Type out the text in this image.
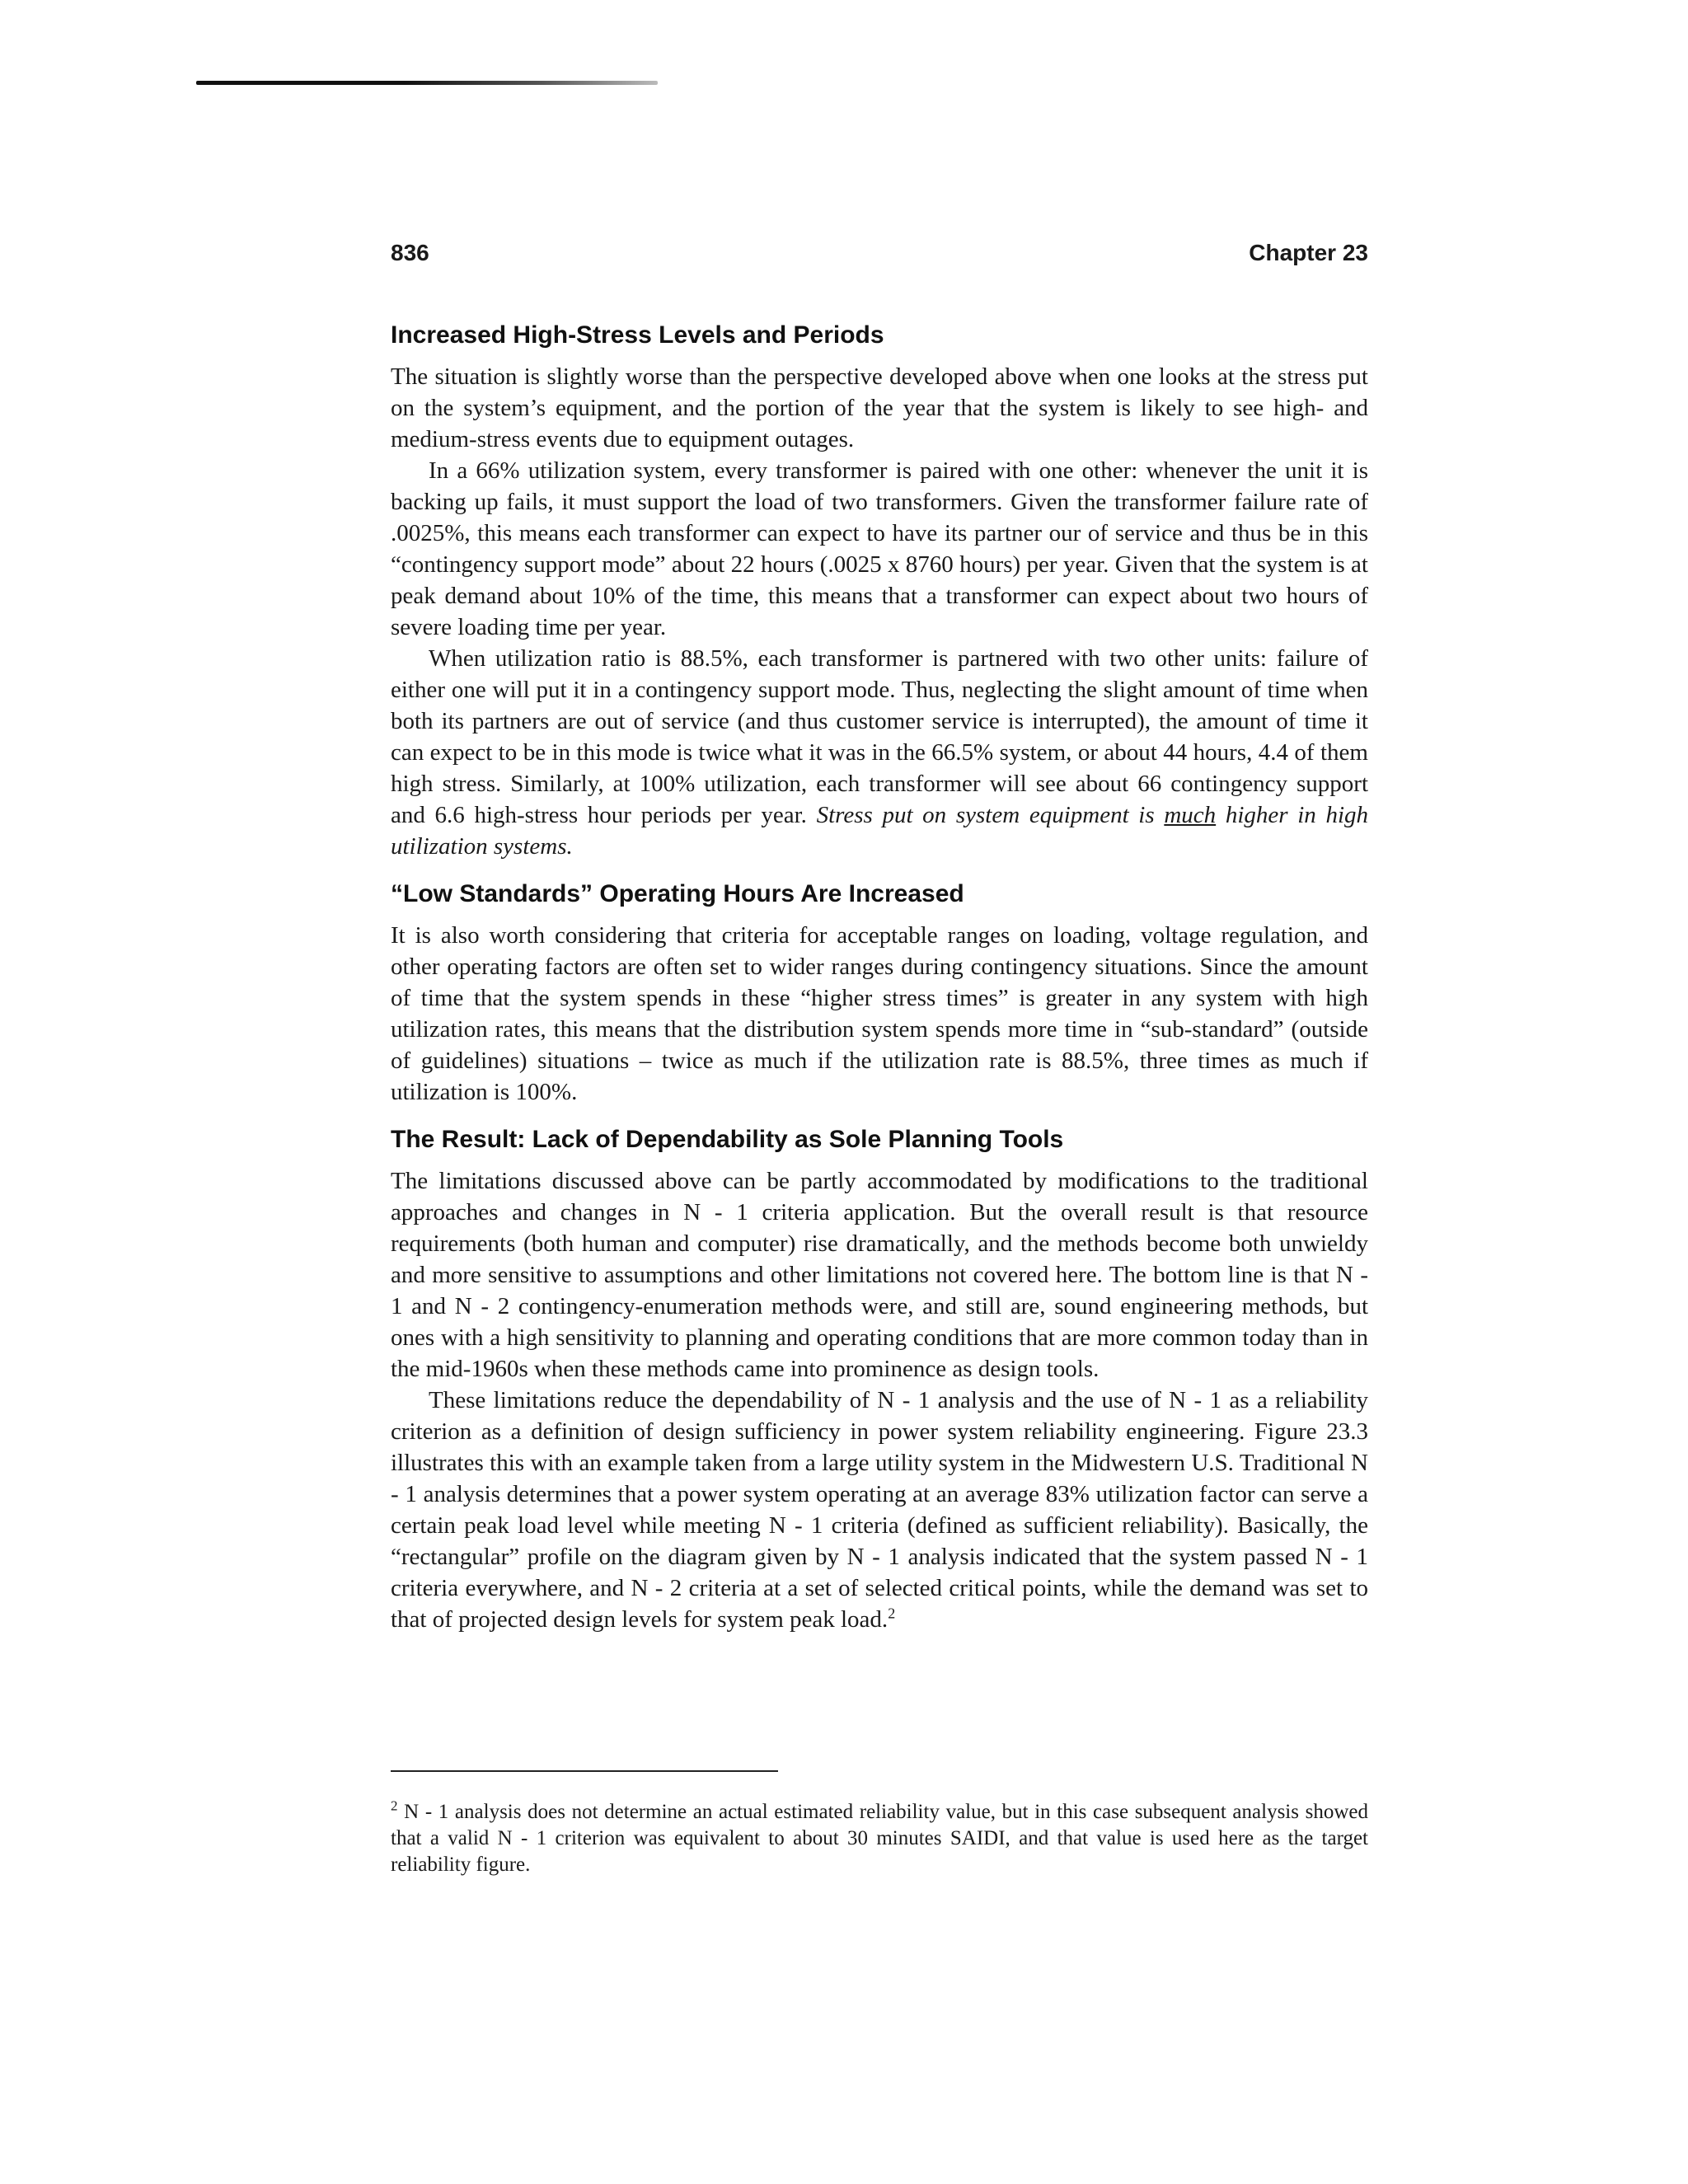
836	Chapter 23
Increased High-Stress Levels and Periods

The situation is slightly worse than the perspective developed above when one looks at the stress put on the system’s equipment, and the portion of the year that the system is likely to see high- and medium-stress events due to equipment outages.

In a 66% utilization system, every transformer is paired with one other: whenever the unit it is backing up fails, it must support the load of two transformers. Given the transformer failure rate of .0025%, this means each transformer can expect to have its partner our of service and thus be in this “contingency support mode” about 22 hours (.0025 x 8760 hours) per year. Given that the system is at peak demand about 10% of the time, this means that a transformer can expect about two hours of severe loading time per year.

When utilization ratio is 88.5%, each transformer is partnered with two other units: failure of either one will put it in a contingency support mode. Thus, neglecting the slight amount of time when both its partners are out of service (and thus customer service is interrupted), the amount of time it can expect to be in this mode is twice what it was in the 66.5% system, or about 44 hours, 4.4 of them high stress. Similarly, at 100% utilization, each transformer will see about 66 contingency support and 6.6 high-stress hour periods per year. Stress put on system equipment is much higher in high utilization systems.

“Low Standards” Operating Hours Are Increased

It is also worth considering that criteria for acceptable ranges on loading, voltage regulation, and other operating factors are often set to wider ranges during contingency situations. Since the amount of time that the system spends in these “higher stress times” is greater in any system with high utilization rates, this means that the distribution system spends more time in “sub-standard” (outside of guidelines) situations – twice as much if the utilization rate is 88.5%, three times as much if utilization is 100%.

The Result: Lack of Dependability as Sole Planning Tools

The limitations discussed above can be partly accommodated by modifications to the traditional approaches and changes in N - 1 criteria application. But the overall result is that resource requirements (both human and computer) rise dramatically, and the methods become both unwieldy and more sensitive to assumptions and other limitations not covered here. The bottom line is that N - 1 and N - 2 contingency-enumeration methods were, and still are, sound engineering methods, but ones with a high sensitivity to planning and operating conditions that are more common today than in the mid-1960s when these methods came into prominence as design tools.

These limitations reduce the dependability of N - 1 analysis and the use of N - 1 as a reliability criterion as a definition of design sufficiency in power system reliability engineering. Figure 23.3 illustrates this with an example taken from a large utility system in the Midwestern U.S. Traditional N - 1 analysis determines that a power system operating at an average 83% utilization factor can serve a certain peak load level while meeting N - 1 criteria (defined as sufficient reliability). Basically, the “rectangular” profile on the diagram given by N - 1 analysis indicated that the system passed N - 1 criteria everywhere, and N - 2 criteria at a set of selected critical points, while the demand was set to that of projected design levels for system peak load.$^2$

$^2$ N - 1 analysis does not determine an actual estimated reliability value, but in this case subsequent analysis showed that a valid N - 1 criterion was equivalent to about 30 minutes SAIDI, and that value is used here as the target reliability figure.
